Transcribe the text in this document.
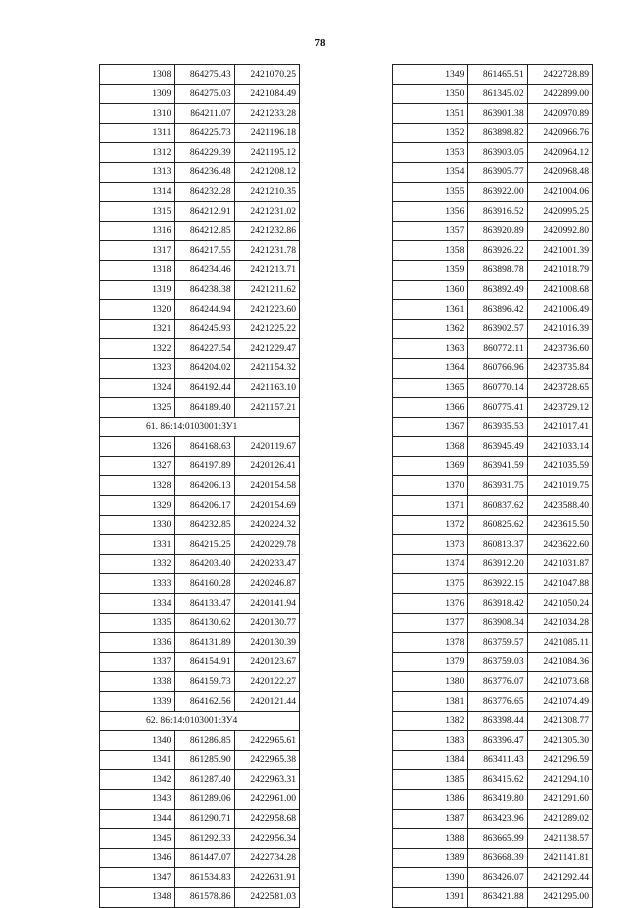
78
1308	864275.43	2421070.25
1309	864275.03	2421084.49
1310	864211.07	2421233.28
1311	864225.73	2421196.18
1312	864229.39	2421195.12
1313	864236.48	2421208.12
1314	864232.28	2421210.35
1315	864212.91	2421231.02
1316	864212.85	2421232.86
1317	864217.55	2421231.78
1318	864234.46	2421213.71
1319	864238.38	2421211.62
1320	864244.94	2421223.60
1321	864245.93	2421225.22
1322	864227.54	2421229.47
1323	864204.02	2421154.32
1324	864192.44	2421163.10
1325	864189.40	2421157.21
61. 86:14:0103001:ЗУ1		
1326	864168.63	2420119.67
1327	864197.89	2420126.41
1328	864206.13	2420154.58
1329	864206.17	2420154.69
1330	864232.85	2420224.32
1331	864215.25	2420229.78
1332	864203.40	2420233.47
1333	864160.28	2420246.87
1334	864133.47	2420141.94
1335	864130.62	2420130.77
1336	864131.89	2420130.39
1337	864154.91	2420123.67
1338	864159.73	2420122.27
1339	864162.56	2420121.44
62. 86:14:0103001:ЗУ4		
1340	861286.85	2422965.61
1341	861285.90	2422965.38
1342	861287.40	2422963.31
1343	861289.06	2422961.00
1344	861290.71	2422958.68
1345	861292.33	2422956.34
1346	861447.07	2422734.28
1347	861534.83	2422631.91
1348	861578.86	2422581.03
1349	861465.51	2422728.89
1350	861345.02	2422899.00
1351	863901.38	2420970.89
1352	863898.82	2420966.76
1353	863903.05	2420964.12
1354	863905.77	2420968.48
1355	863922.00	2421004.06
1356	863916.52	2420995.25
1357	863920.89	2420992.80
1358	863926.22	2421001.39
1359	863898.78	2421018.79
1360	863892.49	2421008.68
1361	863896.42	2421006.49
1362	863902.57	2421016.39
1363	860772.11	2423736.60
1364	860766.96	2423735.84
1365	860770.14	2423728.65
1366	860775.41	2423729.12
1367	863935.53	2421017.41
1368	863945.49	2421033.14
1369	863941.59	2421035.59
1370	863931.75	2421019.75
1371	860837.62	2423588.40
1372	860825.62	2423615.50
1373	860813.37	2423622.60
1374	863912.20	2421031.87
1375	863922.15	2421047.88
1376	863918.42	2421050.24
1377	863908.34	2421034.28
1378	863759.57	2421085.11
1379	863759.03	2421084.36
1380	863776.07	2421073.68
1381	863776.65	2421074.49
1382	863398.44	2421308.77
1383	863396.47	2421305.30
1384	863411.43	2421296.59
1385	863415.62	2421294.10
1386	863419.80	2421291.60
1387	863423.96	2421289.02
1388	863665.99	2421138.57
1389	863668.39	2421141.81
1390	863426.07	2421292.44
1391	863421.88	2421295.00
